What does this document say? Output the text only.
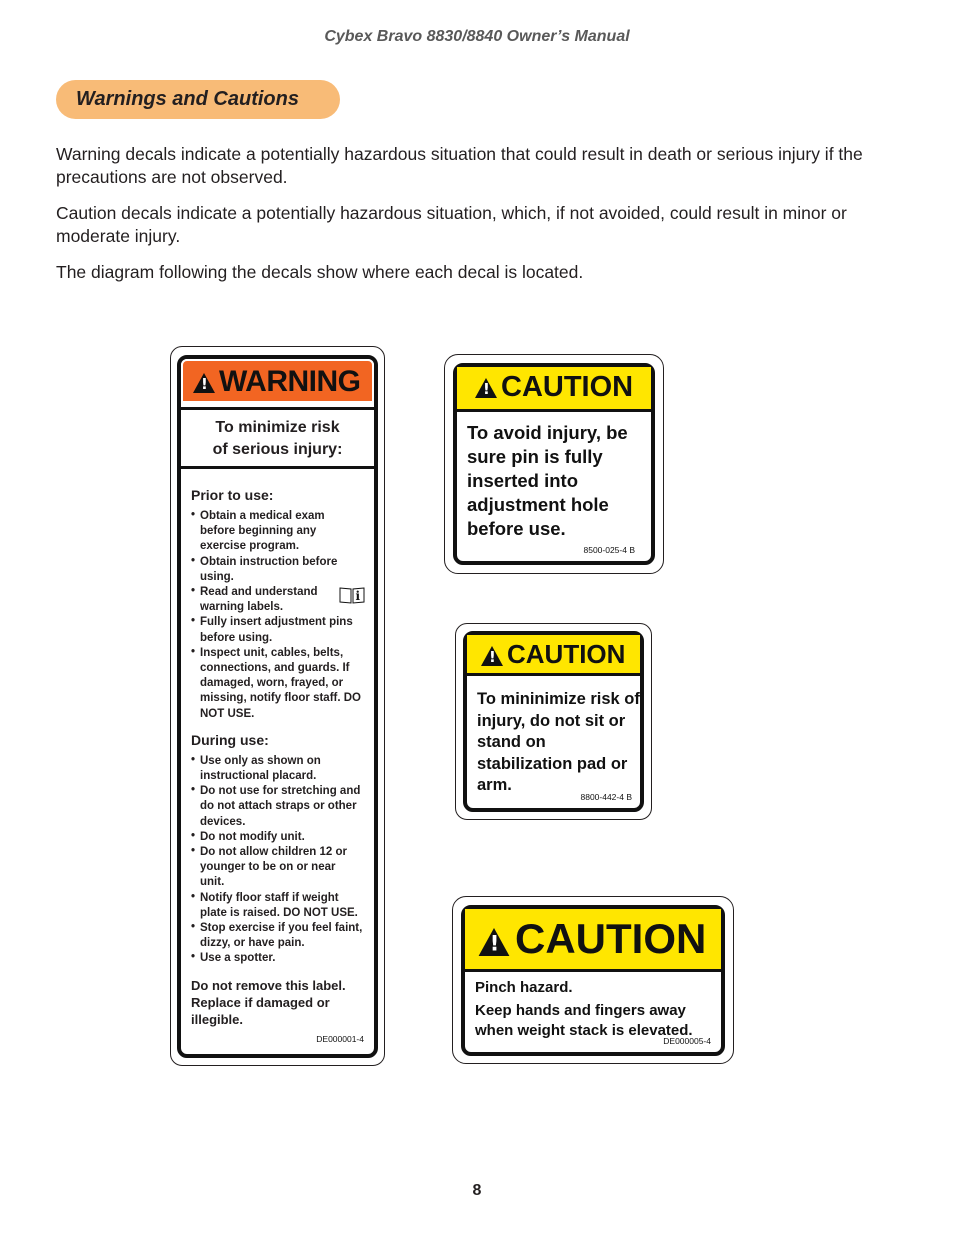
Cybex Bravo 8830/8840 Owner’s Manual
Warnings and Cautions

Warning decals indicate a potentially hazardous situation that could result in death or serious injury if the precautions are not observed.

Caution decals indicate a potentially hazardous situation, which, if not avoided, could result in minor or moderate injury.

The diagram following the decals show where each decal is located.

!WARNING
To minimize risk
of serious injury:
Prior to use:
• Obtain a medical exam before beginning any exercise program.
• Obtain instruction before using.
• Read and understand warning labels.
• Fully insert adjustment pins before using.
• Inspect unit, cables, belts, connections, and guards. If damaged, worn, frayed, or missing, notify floor staff. DO NOT USE.
During use:
• Use only as shown on instructional placard.
• Do not use for stretching and do not attach straps or other devices.
• Do not modify unit.
• Do not allow children 12 or younger to be on or near unit.
• Notify floor staff if weight plate is raised. DO NOT USE.
• Stop exercise if you feel faint, dizzy, or have pain.
• Use a spotter.
Do not remove this label. Replace if damaged or illegible.
i
DE000001-4
!CAUTION
To avoid injury, be sure pin is fully inserted into adjustment hole before use.
8500-025-4 B
!CAUTION
To mininimize risk of injury, do not sit or stand on stabilization pad or arm.
8800-442-4 B
!CAUTION
Pinch hazard.
Keep hands and fingers away when weight stack is elevated.
DE000005-4
8
